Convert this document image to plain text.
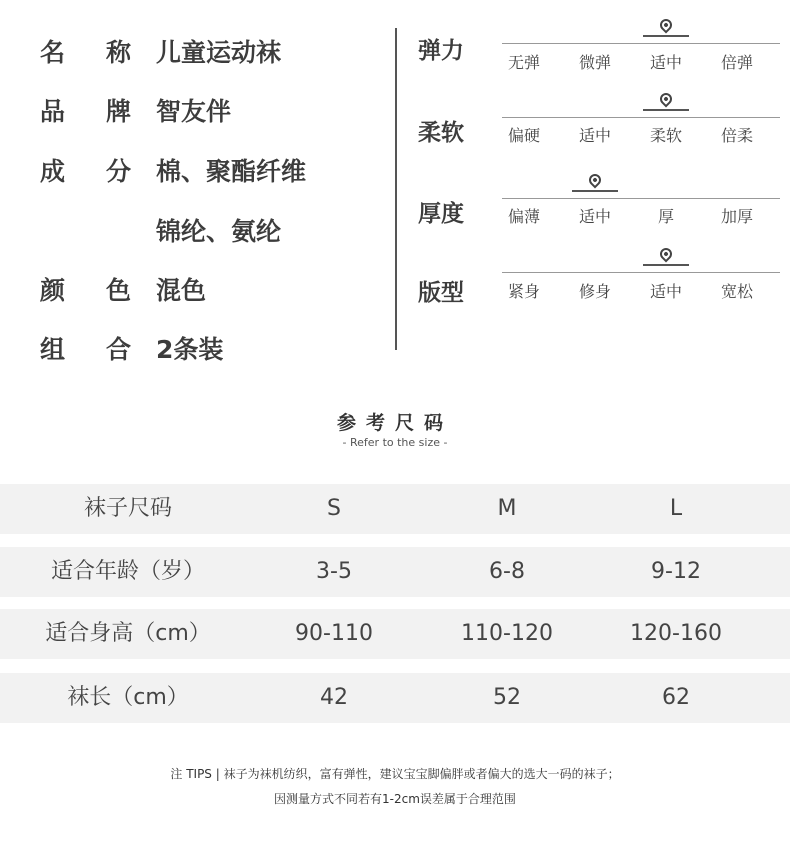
名 称 儿童运动袜
品 牌 智友伴
成 分 棉、聚酯纤维
锦纶、氨纶
颜 色 混色
组 合 2条装
弹力	无弹	微弹	适中	倍弹
柔软	偏硬	适中	柔软	倍柔
厚度	偏薄	适中	厚	加厚
版型	紧身	修身	适中	宽松
参考尺码
- Refer to the size -
袜子尺码	S	M	L
适合年龄（岁）	3-5	6-8	9-12
适合身高（cm）	90-110	110-120	120-160
袜长（cm）	42	52	62
注 TIPS | 袜子为袜机纺织，富有弹性，建议宝宝脚偏胖或者偏大的选大一码的袜子；
因测量方式不同若有1-2cm误差属于合理范围
